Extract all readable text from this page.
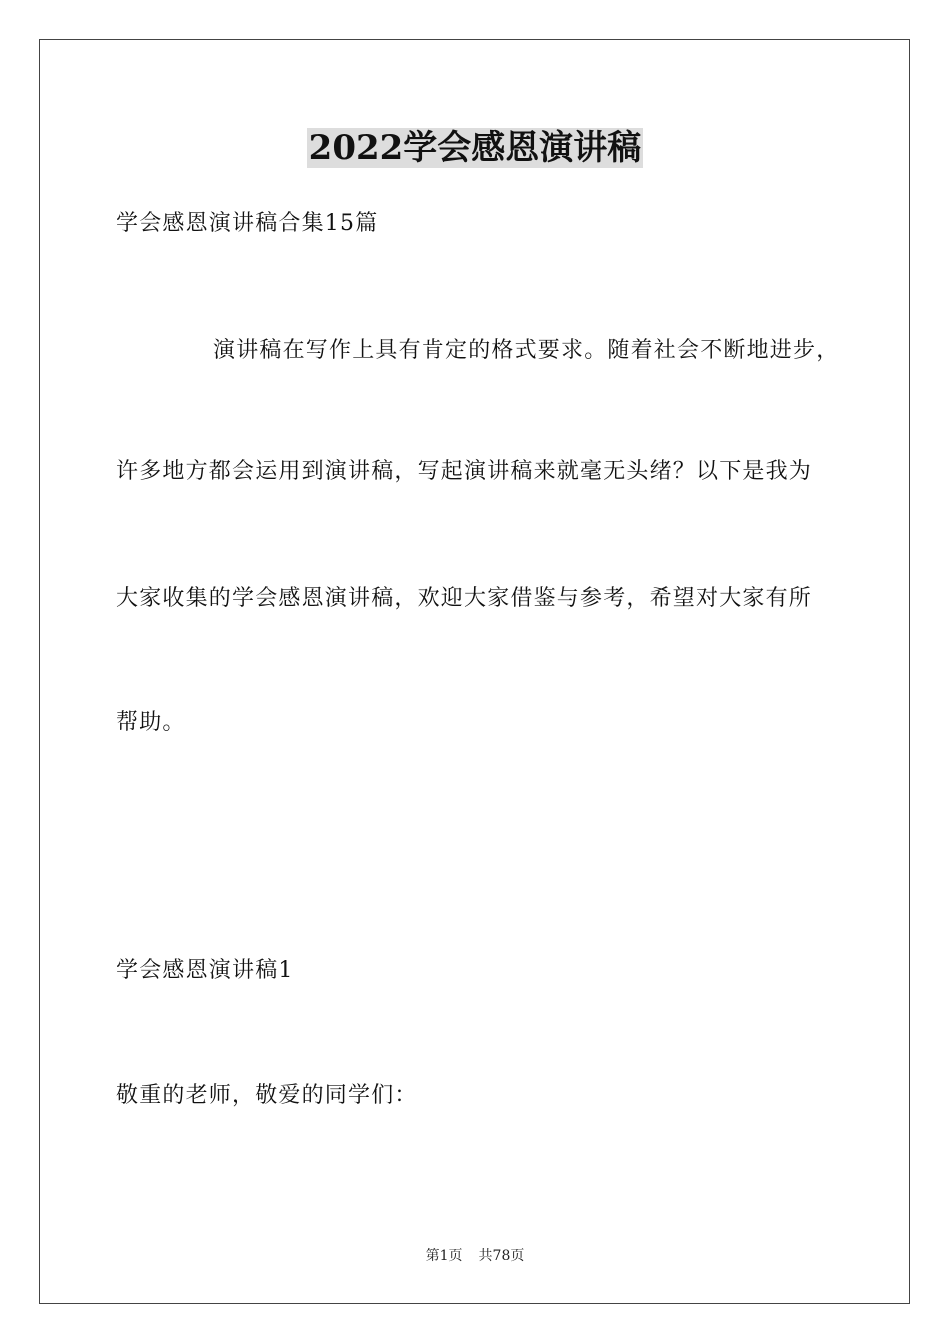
2022学会感恩演讲稿
学会感恩演讲稿合集15篇
演讲稿在写作上具有肯定的格式要求。随着社会不断地进步，
许多地方都会运用到演讲稿，写起演讲稿来就毫无头绪？以下是我为
大家收集的学会感恩演讲稿，欢迎大家借鉴与参考，希望对大家有所
帮助。
学会感恩演讲稿1
敬重的老师，敬爱的同学们：
第1页 共78页
